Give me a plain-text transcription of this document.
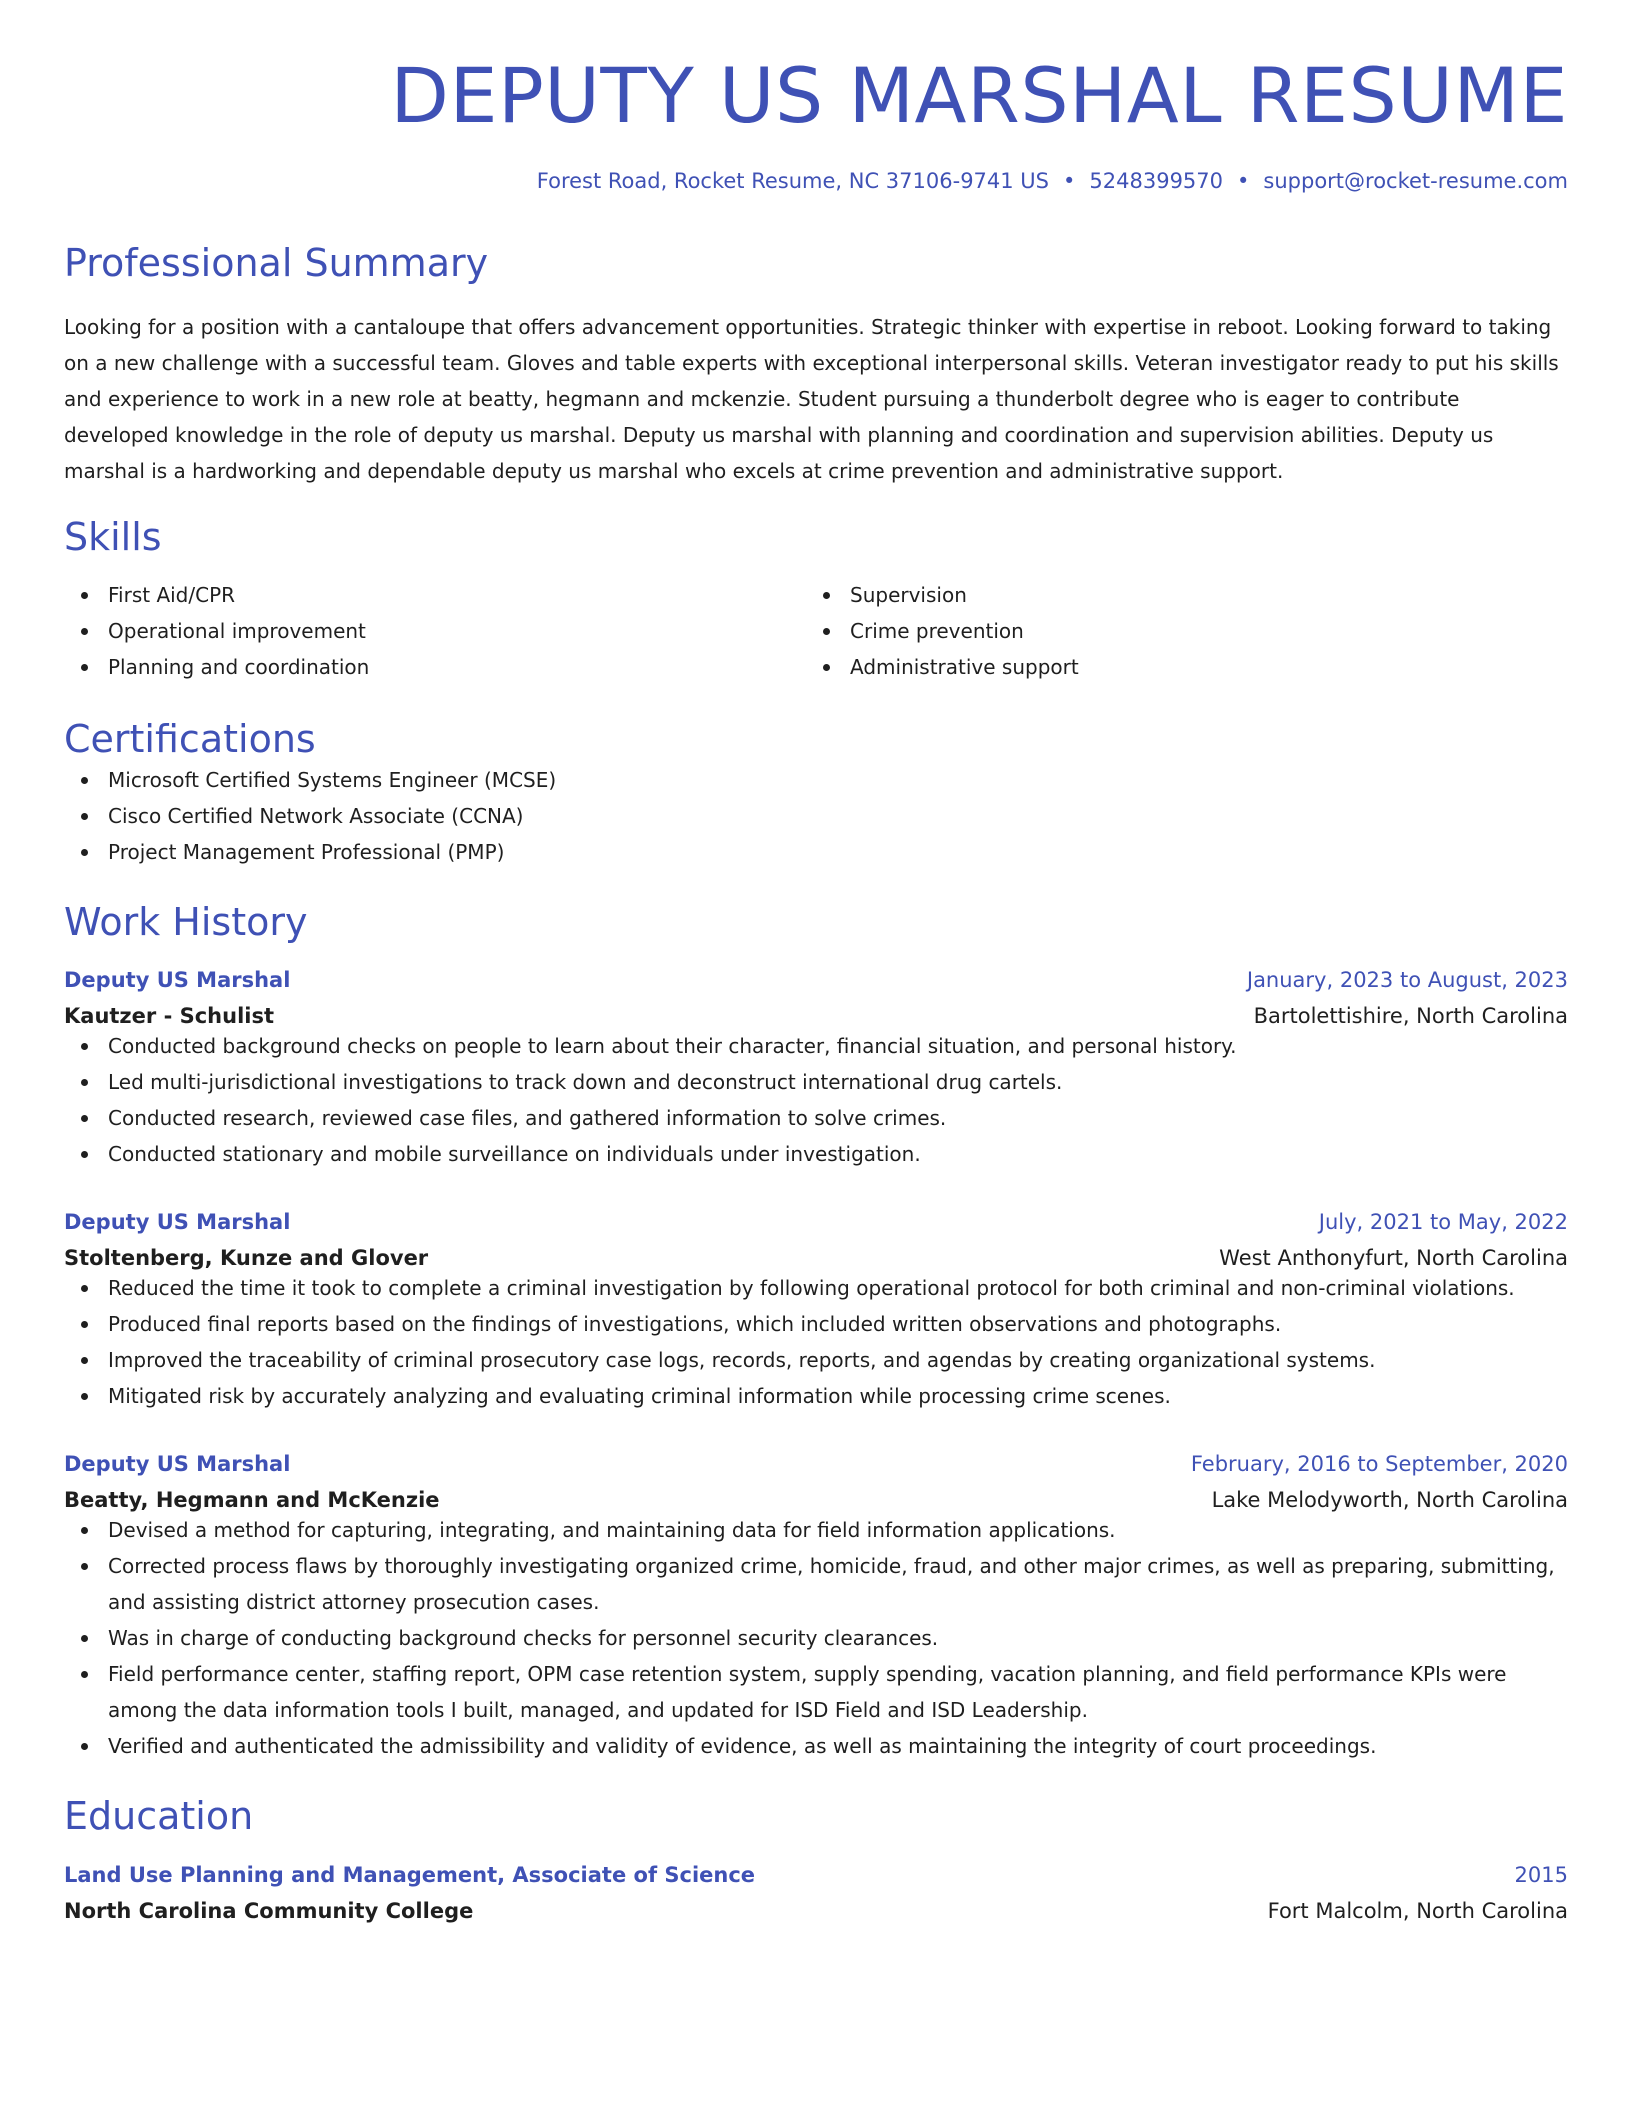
DEPUTY US MARSHAL RESUME
Forest Road, Rocket Resume, NC 37106-9741 US • 5248399570 • support@rocket-resume.com
Professional Summary

Looking for a position with a cantaloupe that offers advancement opportunities. Strategic thinker with expertise in reboot. Looking forward to taking on a new challenge with a successful team. Gloves and table experts with exceptional interpersonal skills. Veteran investigator ready to put his skills and experience to work in a new role at beatty, hegmann and mckenzie. Student pursuing a thunderbolt degree who is eager to contribute developed knowledge in the role of deputy us marshal. Deputy us marshal with planning and coordination and supervision abilities. Deputy us marshal is a hardworking and dependable deputy us marshal who excels at crime prevention and administrative support.

Skills
First Aid/CPR
Operational improvement
Planning and coordination
Supervision
Crime prevention
Administrative support
Certifications
Microsoft Certified Systems Engineer (MCSE)
Cisco Certified Network Associate (CCNA)
Project Management Professional (PMP)
Work History
Deputy US Marshal	January, 2023 to August, 2023
Kautzer - Schulist	Bartolettishire, North Carolina
Conducted background checks on people to learn about their character, financial situation, and personal history.
Led multi-jurisdictional investigations to track down and deconstruct international drug cartels.
Conducted research, reviewed case files, and gathered information to solve crimes.
Conducted stationary and mobile surveillance on individuals under investigation.
Deputy US Marshal	July, 2021 to May, 2022
Stoltenberg, Kunze and Glover	West Anthonyfurt, North Carolina
Reduced the time it took to complete a criminal investigation by following operational protocol for both criminal and non-criminal violations.
Produced final reports based on the findings of investigations, which included written observations and photographs.
Improved the traceability of criminal prosecutory case logs, records, reports, and agendas by creating organizational systems.
Mitigated risk by accurately analyzing and evaluating criminal information while processing crime scenes.
Deputy US Marshal	February, 2016 to September, 2020
Beatty, Hegmann and McKenzie	Lake Melodyworth, North Carolina
Devised a method for capturing, integrating, and maintaining data for field information applications.
Corrected process flaws by thoroughly investigating organized crime, homicide, fraud, and other major crimes, as well as preparing, submitting, and assisting district attorney prosecution cases.
Was in charge of conducting background checks for personnel security clearances.
Field performance center, staffing report, OPM case retention system, supply spending, vacation planning, and field performance KPIs were among the data information tools I built, managed, and updated for ISD Field and ISD Leadership.
Verified and authenticated the admissibility and validity of evidence, as well as maintaining the integrity of court proceedings.
Education
Land Use Planning and Management, Associate of Science	2015
North Carolina Community College	Fort Malcolm, North Carolina
